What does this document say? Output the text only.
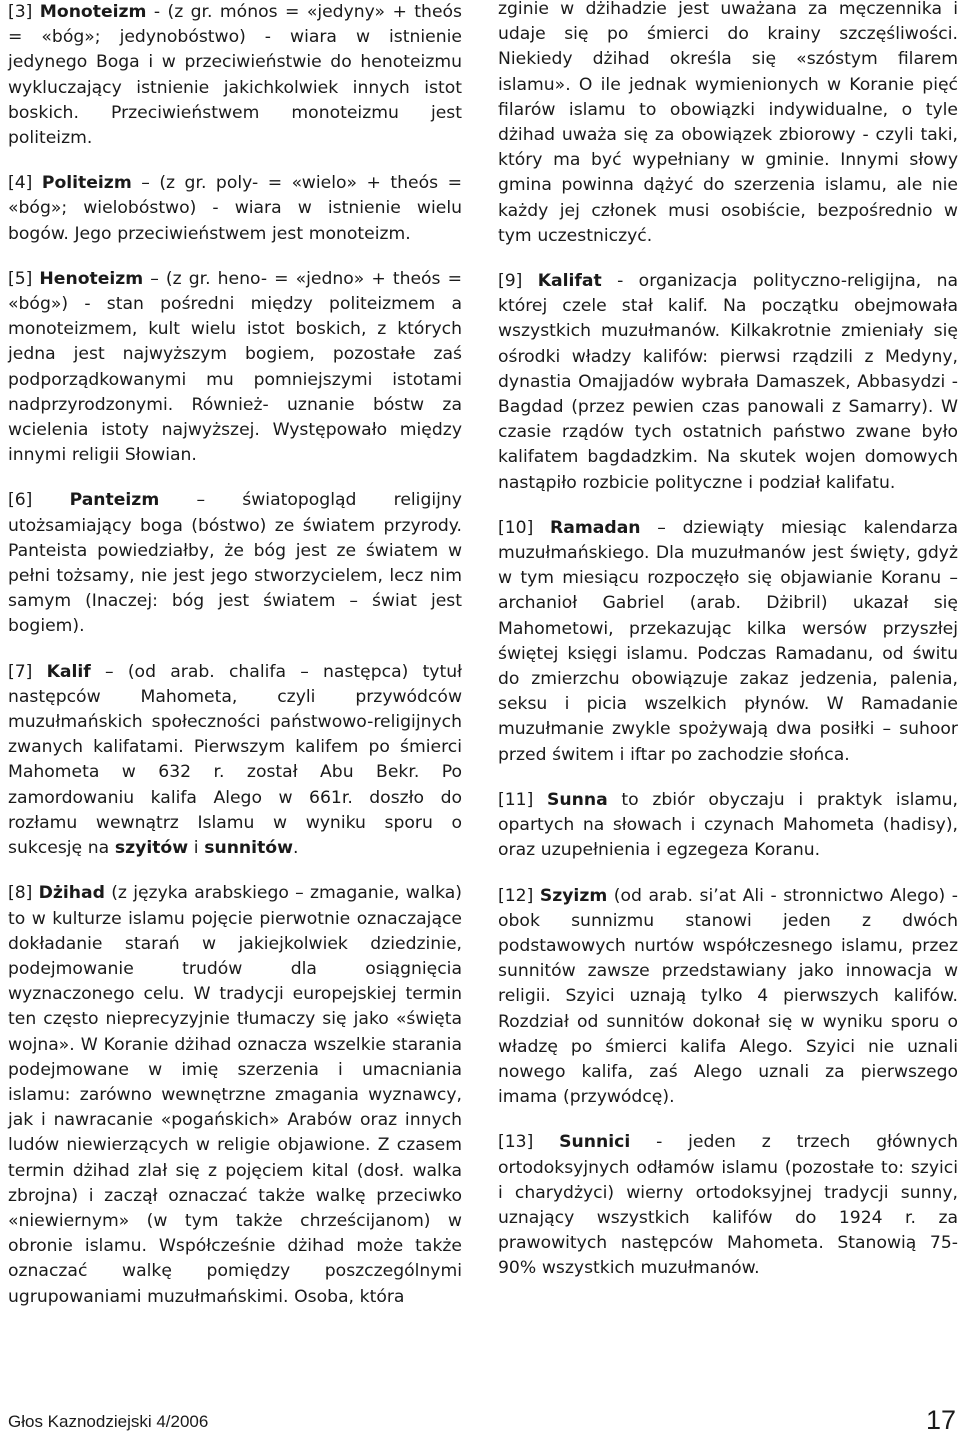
[3] Monoteizm - (z gr. mónos = «jedyny» + theós = «bóg»; jedynobóstwo) - wiara w istnienie jedynego Boga i w przeciwieństwie do henoteizmu wykluczający istnienie jakichkolwiek innych istot boskich. Przeciwieństwem monoteizmu jest politeizm.

[4] Politeizm – (z gr. poly- = «wielo» + theós = «bóg»; wielobóstwo) - wiara w istnienie wielu bogów. Jego przeciwieństwem jest monoteizm.

[5] Henoteizm – (z gr. heno- = «jedno» + theós = «bóg») - stan pośredni między politeizmem a monoteizmem, kult wielu istot boskich, z których jedna jest najwyższym bogiem, pozostałe zaś podporządkowanymi mu pomniejszymi istotami nadprzyrodzonymi. Również- uznanie bóstw za wcielenia istoty najwyższej. Występowało między innymi religii Słowian.

[6] Panteizm – światopogląd religijny utożsamiający boga (bóstwo) ze światem przyrody. Panteista powiedziałby, że bóg jest ze światem w pełni tożsamy, nie jest jego stworzycielem, lecz nim samym (Inaczej: bóg jest światem – świat jest bogiem).

[7] Kalif – (od arab. chalifa – następca) tytuł następców Mahometa, czyli przywódców muzułmańskich społeczności państwowo-religijnych zwanych kalifatami. Pierwszym kalifem po śmierci Mahometa w 632 r. został Abu Bekr. Po zamordowaniu kalifa Alego w 661r. doszło do rozłamu wewnątrz Islamu w wyniku sporu o sukcesję na szyitów i sunnitów.

[8] Dżihad (z języka arabskiego – zmaganie, walka) to w kulturze islamu pojęcie pierwotnie oznaczające dokładanie starań w jakiejkolwiek dziedzinie, podejmowanie trudów dla osiągnięcia wyznaczonego celu. W tradycji europejskiej termin ten często nieprecyzyjnie tłumaczy się jako «święta wojna». W Koranie dżihad oznacza wszelkie starania podejmowane w imię szerzenia i umacniania islamu: zarówno wewnętrzne zmagania wyznawcy, jak i nawracanie «pogańskich» Arabów oraz innych ludów niewierzących w religie objawione. Z czasem termin dżihad zlał się z pojęciem kital (dosł. walka zbrojna) i zaczął oznaczać także walkę przeciwko «niewiernym» (w tym także chrześcijanom) w obronie islamu. Współcześnie dżihad może także oznaczać walkę pomiędzy poszczególnymi ugrupowaniami muzułmańskimi. Osoba, która

zginie w dżihadzie jest uważana za męczennika i udaje się po śmierci do krainy szczęśliwości. Niekiedy dżihad określa się «szóstym filarem islamu». O ile jednak wymienionych w Koranie pięć filarów islamu to obowiązki indywidualne, o tyle dżihad uważa się za obowiązek zbiorowy - czyli taki, który ma być wypełniany w gminie. Innymi słowy gmina powinna dążyć do szerzenia islamu, ale nie każdy jej członek musi osobiście, bezpośrednio w tym uczestniczyć.

[9] Kalifat - organizacja polityczno-religijna, na której czele stał kalif. Na początku obejmowała wszystkich muzułmanów. Kilkakrotnie zmieniały się ośrodki władzy kalifów: pierwsi rządzili z Medyny, dynastia Omajjadów wybrała Damaszek, Abbasydzi - Bagdad (przez pewien czas panowali z Samarry). W czasie rządów tych ostatnich państwo zwane było kalifatem bagdadzkim. Na skutek wojen domowych nastąpiło rozbicie polityczne i podział kalifatu.

[10] Ramadan – dziewiąty miesiąc kalendarza muzułmańskiego. Dla muzułmanów jest święty, gdyż w tym miesiącu rozpoczęło się objawianie Koranu – archanioł Gabriel (arab. Dżibril) ukazał się Mahometowi, przekazując kilka wersów przyszłej świętej księgi islamu. Podczas Ramadanu, od świtu do zmierzchu obowiązuje zakaz jedzenia, palenia, seksu i picia wszelkich płynów. W Ramadanie muzułmanie zwykle spożywają dwa posiłki – suhoor przed świtem i iftar po zachodzie słońca.

[11] Sunna to zbiór obyczaju i praktyk islamu, opartych na słowach i czynach Mahometa (hadisy), oraz uzupełnienia i egzegeza Koranu.

[12] Szyizm (od arab. si’at Ali - stronnictwo Alego) - obok sunnizmu stanowi jeden z dwóch podstawowych nurtów współczesnego islamu, przez sunnitów zawsze przedstawiany jako innowacja w religii. Szyici uznają tylko 4 pierwszych kalifów. Rozdział od sunnitów dokonał się w wyniku sporu o władzę po śmierci kalifa Alego. Szyici nie uznali nowego kalifa, zaś Alego uznali za pierwszego imama (przywódcę).

[13] Sunnici - jeden z trzech głównych ortodoksyjnych odłamów islamu (pozostałe to: szyici i charydżyci) wierny ortodoksyjnej tradycji sunny, uznający wszystkich kalifów do 1924 r. za prawowitych następców Mahometa. Stanowią 75-90% wszystkich muzułmanów.

Głos Kaznodziejski 4/2006	17
